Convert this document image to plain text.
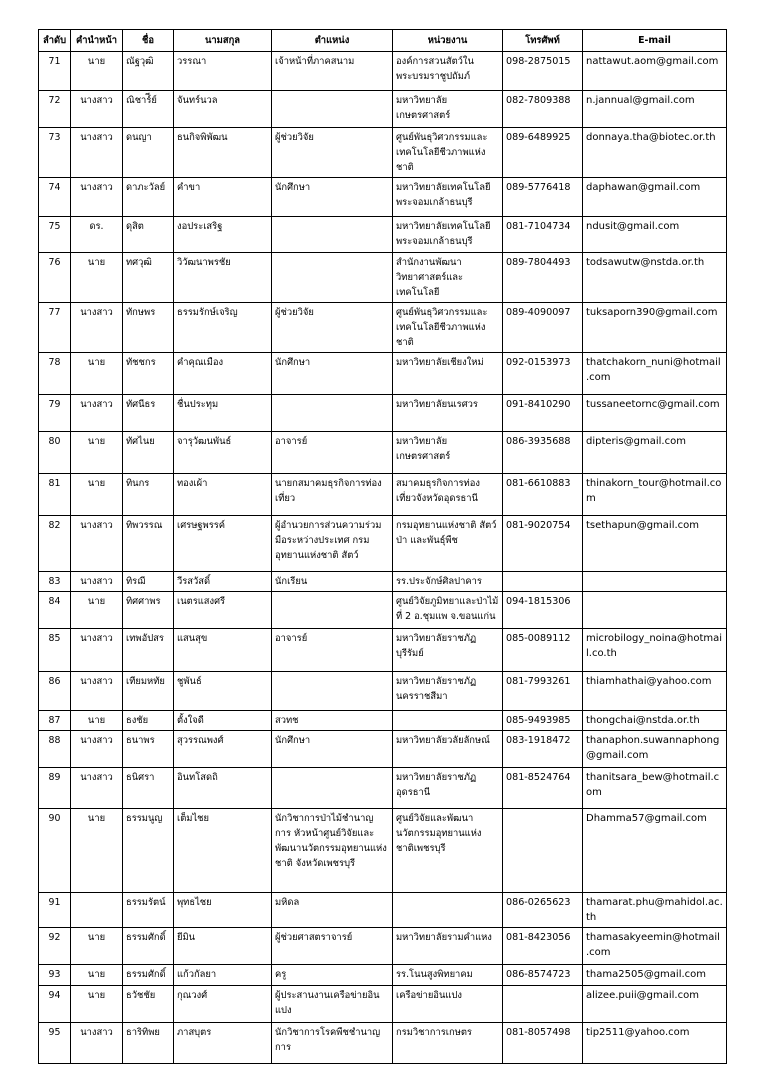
ลำดับ	คำนำหน้า	ชื่อ	นามสกุล	ตำแหน่ง	หน่วยงาน	โทรศัพท์	E-mail
71	นาย	ณัฐวุฒิ	วรรณา	เจ้าหน้าที่ภาคสนาม	องค์การสวนสัตว์ในพระบรมราชูปถัมภ์	098-2875015	nattawut.aom@gmail.com
72	นางสาว	ณิชาร์ีย์	จันทร์นวล		มหาวิทยาลัยเกษตรศาสตร์	082-7809388	n.jannual@gmail.com
73	นางสาว	ดนญา	ธนกิจพิพัฒน	ผู้ช่วยวิจัย	ศูนย์พันธุวิศวกรรมและเทคโนโลยีชีวภาพแห่งชาติ	089-6489925	donnaya.tha@biotec.or.th
74	นางสาว	ดาภะวัลย์	คำขา	นักศึกษา	มหาวิทยาลัยเทคโนโลยีพระจอมเกล้าธนบุรี	089-5776418	daphawan@gmail.com
75	ดร.	ดุสิต	งอประเสริฐ		มหาวิทยาลัยเทคโนโลยีพระจอมเกล้าธนบุรี	081-7104734	ndusit@gmail.com
76	นาย	ทศวุฒิ	วิวัฒนาพรชัย		สำนักงานพัฒนาวิทยาศาสตร์และเทคโนโลยี	089-7804493	todsawutw@nstda.or.th
77	นางสาว	ทักษพร	ธรรมรักษ์เจริญ	ผู้ช่วยวิจัย	ศูนย์พันธุวิศวกรรมและเทคโนโลยีชีวภาพแห่งชาติ	089-4090097	tuksaporn390@gmail.com
78	นาย	ทัชชกร	คำคุณเมือง	นักศึกษา	มหาวิทยาลัยเชียงใหม่	092-0153973	thatchakorn_nuni@hotmail.com
79	นางสาว	ทัศนีธร	ชื่นประทุม		มหาวิทยาลัยนเรศวร	091-8410290	tussaneetornc@gmail.com
80	นาย	ทัศไนย	จารุวัฒนพันธ์	อาจารย์	มหาวิทยาลัยเกษตรศาสตร์	086-3935688	dipteris@gmail.com
81	นาย	ทินกร	ทองเผ้า	นายกสมาคมธุรกิจการท่องเที่ยว	สมาคมธุรกิจการท่องเที่ยวจังหวัดอุดรธานี	081-6610883	thinakorn_tour@hotmail.com
82	นางสาว	ทิพวรรณ	เศรษฐพรรค์	ผู้อำนวยการส่วนความร่วมมือระหว่างประเทศ กรมอุทยานแห่งชาติ สัตว์	กรมอุทยานแห่งชาติ สัตว์ป่า และพันธุ์พืช	081-9020754	tsethapun@gmail.com
83	นางสาว	ทิรฌี	วีรสวัสดิ์	นักเรียน	รร.ประจักษ์ศิลปาคาร		
84	นาย	ทิศศาพร	เนตรแสงศรี		ศูนย์วิจัยภูมิทยาและป่าไม้ที่ 2 อ.ชุมแพ จ.ขอนแก่น	094-1815306	
85	นางสาว	เทพอัปสร	แสนสุข	อาจารย์	มหาวิทยาลัยราชภัฏบุรีรัมย์	085-0089112	microbilogy_noina@hotmail.co.th
86	นางสาว	เทียมหทัย	ชูพันธ์		มหาวิทยาลัยราชภัฏนครราชสีมา	081-7993261	thiamhathai@yahoo.com
87	นาย	ธงชัย	ตั้งใจดี	สวทช		085-9493985	thongchai@nstda.or.th
88	นางสาว	ธนาพร	สุวรรณพงศ์	นักศึกษา	มหาวิทยาลัยวลัยลักษณ์	083-1918472	thanaphon.suwannaphong@gmail.com
89	นางสาว	ธนิศรา	อินทโสดถิ		มหาวิทยาลัยราชภัฏอุดรธานี	081-8524764	thanitsara_bew@hotmail.com
90	นาย	ธรรมนูญ	เต็มไชย	นักวิชาการป่าไม้ชำนาญการ หัวหน้าศูนย์วิจัยและพัฒนานวัตกรรมอุทยานแห่งชาติ จังหวัดเพชรบุรี	ศูนย์วิจัยและพัฒนานวัตกรรมอุทยานแห่งชาติเพชรบุรี		Dhamma57@gmail.com
91		ธรรมรัตน์	พุทธไชย	มหิดล		086-0265623	thamarat.phu@mahidol.ac.th
92	นาย	ธรรมศักดิ์	ยีมิน	ผู้ช่วยศาสตราจารย์	มหาวิทยาลัยรามคำแหง	081-8423056	thamasakyeemin@hotmail.com
93	นาย	ธรรมศักดิ์	แก้วกัลยา	ครู	รร.โนนสูงพิทยาคม	086-8574723	thama2505@gmail.com
94	นาย	ธวัชชัย	กุณวงศ์	ผู้ประสานงานเครือข่ายอินแปง	เครือข่ายอินแปง		alizee.puii@gmail.com
95	นางสาว	ธาริทิพย	ภาสบุตร	นักวิชาการโรคพืชชำนาญการ	กรมวิชาการเกษตร	081-8057498	tip2511@yahoo.com
